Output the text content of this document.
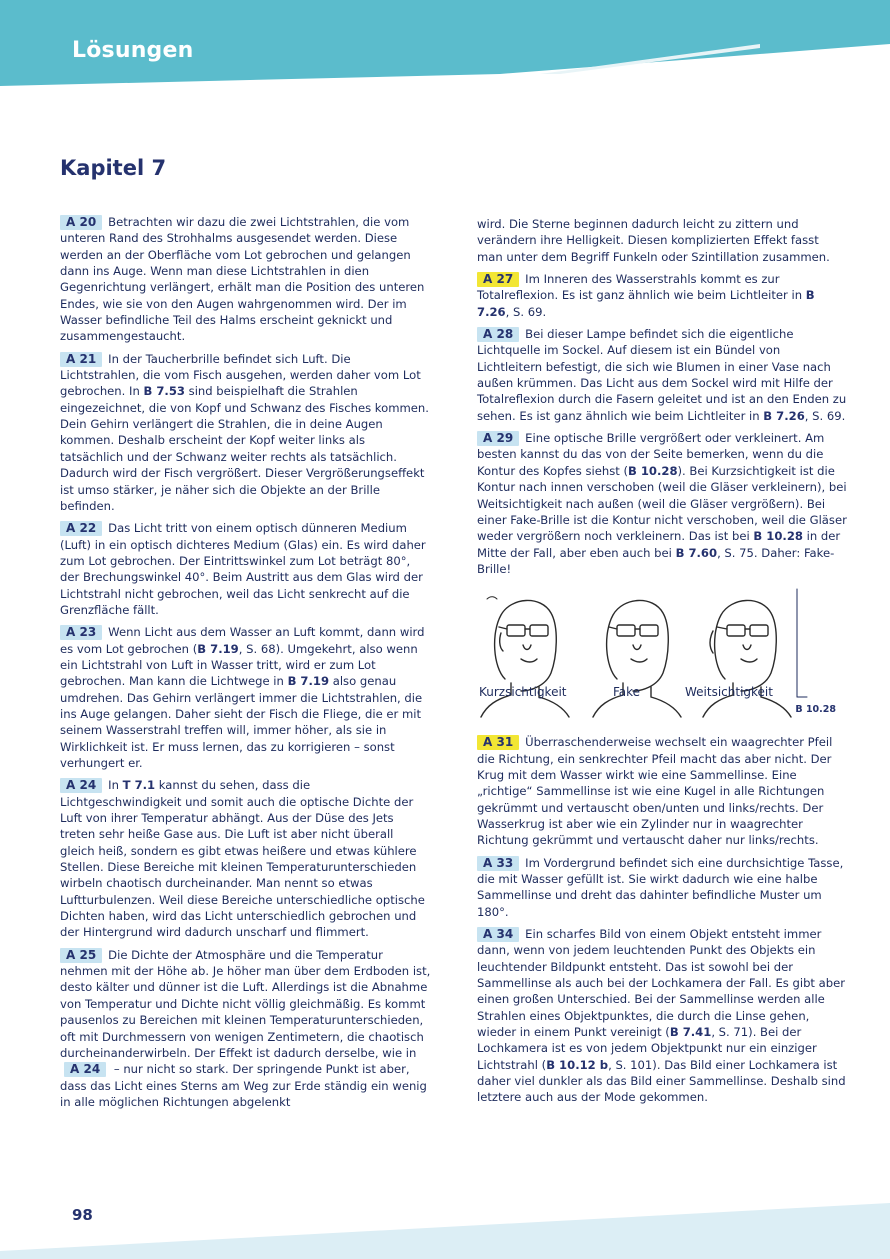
Lösungen
Kapitel 7

A 20 Betrachten wir dazu die zwei Lichtstrahlen, die vom unteren Rand des Strohhalms ausgesendet werden. Diese werden an der Oberfläche vom Lot gebrochen und gelangen dann ins Auge. Wenn man diese Lichtstrahlen in dien Gegenrichtung verlängert, erhält man die Position des unteren Endes, wie sie von den Augen wahrgenommen wird. Der im Wasser befindliche Teil des Halms erscheint geknickt und zusammengestaucht.

A 21 In der Taucherbrille befindet sich Luft. Die Lichtstrahlen, die vom Fisch ausgehen, werden daher vom Lot gebrochen. In B 7.53 sind beispielhaft die Strahlen eingezeichnet, die von Kopf und Schwanz des Fisches kommen. Dein Gehirn verlängert die Strahlen, die in deine Augen kommen. Deshalb erscheint der Kopf weiter links als tatsächlich und der Schwanz weiter rechts als tatsächlich. Dadurch wird der Fisch vergrößert. Dieser Vergrößerungseffekt ist umso stärker, je näher sich die Objekte an der Brille befinden.

A 22 Das Licht tritt von einem optisch dünneren Medium (Luft) in ein optisch dichteres Medium (Glas) ein. Es wird daher zum Lot gebrochen. Der Eintrittswinkel zum Lot beträgt 80°, der Brechungswinkel 40°. Beim Austritt aus dem Glas wird der Lichtstrahl nicht gebrochen, weil das Licht senkrecht auf die Grenzfläche fällt.

A 23 Wenn Licht aus dem Wasser an Luft kommt, dann wird es vom Lot gebrochen (B 7.19, S. 68). Umgekehrt, also wenn ein Lichtstrahl von Luft in Wasser tritt, wird er zum Lot gebrochen. Man kann die Lichtwege in B 7.19 also genau umdrehen. Das Gehirn verlängert immer die Lichtstrahlen, die ins Auge gelangen. Daher sieht der Fisch die Fliege, die er mit seinem Wasserstrahl treffen will, immer höher, als sie in Wirklichkeit ist. Er muss lernen, das zu korrigieren – sonst verhungert er.

A 24 In T 7.1 kannst du sehen, dass die Lichtgeschwindigkeit und somit auch die optische Dichte der Luft von ihrer Temperatur abhängt. Aus der Düse des Jets treten sehr heiße Gase aus. Die Luft ist aber nicht überall gleich heiß, sondern es gibt etwas heißere und etwas kühlere Stellen. Diese Bereiche mit kleinen Temperaturunterschieden wirbeln chaotisch durcheinander. Man nennt so etwas Luftturbulenzen. Weil diese Bereiche unterschiedliche optische Dichten haben, wird das Licht unterschiedlich gebrochen und der Hintergrund wird dadurch unscharf und flimmert.

A 25 Die Dichte der Atmosphäre und die Temperatur nehmen mit der Höhe ab. Je höher man über dem Erdboden ist, desto kälter und dünner ist die Luft. Allerdings ist die Abnahme von Temperatur und Dichte nicht völlig gleichmäßig. Es kommt pausenlos zu Bereichen mit kleinen Temperaturunterschieden, oft mit Durchmessern von wenigen Zentimetern, die chaotisch durcheinanderwirbeln. Der Effekt ist dadurch derselbe, wie in A 24 – nur nicht so stark. Der springende Punkt ist aber, dass das Licht eines Sterns am Weg zur Erde ständig ein wenig in alle möglichen Richtungen abgelenkt

wird. Die Sterne beginnen dadurch leicht zu zittern und verändern ihre Helligkeit. Diesen komplizierten Effekt fasst man unter dem Begriff Funkeln oder Szintillation zusammen.

A 27 Im Inneren des Wasserstrahls kommt es zur Totalreflexion. Es ist ganz ähnlich wie beim Lichtleiter in B 7.26, S. 69.

A 28 Bei dieser Lampe befindet sich die eigentliche Lichtquelle im Sockel. Auf diesem ist ein Bündel von Lichtleitern befestigt, die sich wie Blumen in einer Vase nach außen krümmen. Das Licht aus dem Sockel wird mit Hilfe der Totalreflexion durch die Fasern geleitet und ist an den Enden zu sehen. Es ist ganz ähnlich wie beim Lichtleiter in B 7.26, S. 69.

A 29 Eine optische Brille vergrößert oder verkleinert. Am besten kannst du das von der Seite bemerken, wenn du die Kontur des Kopfes siehst (B 10.28). Bei Kurzsichtigkeit ist die Kontur nach innen verschoben (weil die Gläser verkleinern), bei Weitsichtigkeit nach außen (weil die Gläser vergrößern). Bei einer Fake-Brille ist die Kontur nicht verschoben, weil die Gläser weder vergrößern noch verkleinern. Das ist bei B 10.28 in der Mitte der Fall, aber eben auch bei B 7.60, S. 75. Daher: Fake-Brille!

Kurzsichtigkeit	Fake	Weitsichtigkeit
B 10.28

A 31 Überraschenderweise wechselt ein waagrechter Pfeil die Richtung, ein senkrechter Pfeil macht das aber nicht. Der Krug mit dem Wasser wirkt wie eine Sammellinse. Eine „richtige“ Sammellinse ist wie eine Kugel in alle Richtungen gekrümmt und vertauscht oben/unten und links/rechts. Der Wasserkrug ist aber wie ein Zylinder nur in waagrechter Richtung gekrümmt und vertauscht daher nur links/rechts.

A 33 Im Vordergrund befindet sich eine durchsichtige Tasse, die mit Wasser gefüllt ist. Sie wirkt dadurch wie eine halbe Sammellinse und dreht das dahinter befindliche Muster um 180°.

A 34 Ein scharfes Bild von einem Objekt entsteht immer dann, wenn von jedem leuchtenden Punkt des Objekts ein leuchtender Bildpunkt entsteht. Das ist sowohl bei der Sammellinse als auch bei der Lochkamera der Fall. Es gibt aber einen großen Unterschied. Bei der Sammellinse werden alle Strahlen eines Objektpunktes, die durch die Linse gehen, wieder in einem Punkt vereinigt (B 7.41, S. 71). Bei der Lochkamera ist es von jedem Objektpunkt nur ein einziger Lichtstrahl (B 10.12 b, S. 101). Das Bild einer Lochkamera ist daher viel dunkler als das Bild einer Sammellinse. Deshalb sind letztere auch aus der Mode gekommen.

98
